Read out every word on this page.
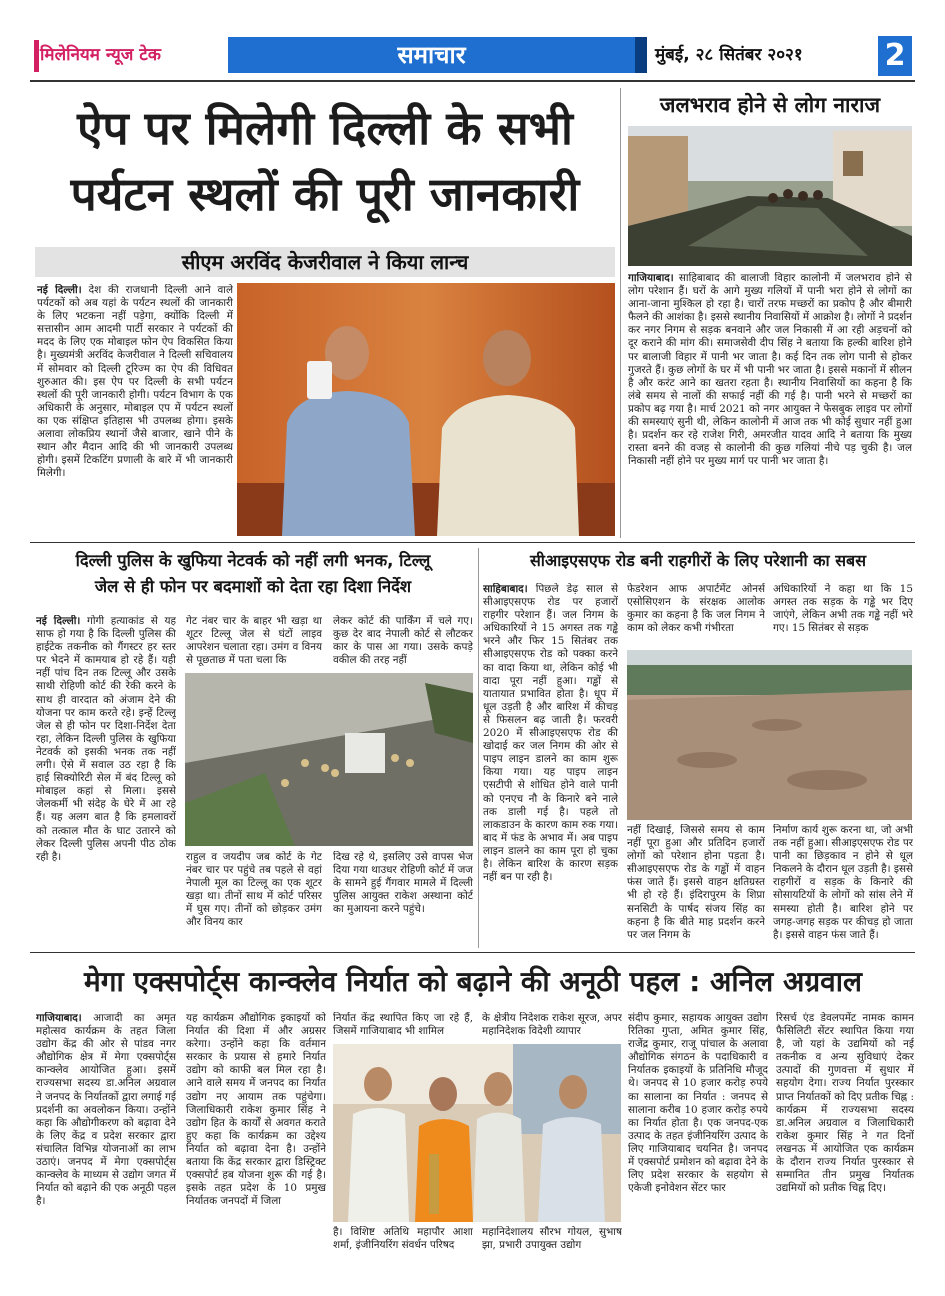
मिलेनियम न्यूज टेक	समाचार	मुंबई, २८ सितंबर २०२१	2
ऐप पर मिलेगी दिल्ली के सभी
पर्यटन स्थलों की पूरी जानकारी
सीएम अरविंद केजरीवाल ने किया लान्च
नई दिल्ली। देश की राजधानी दिल्ली आने वाले पर्यटकों को अब यहां के पर्यटन स्थलों की जानकारी के लिए भटकना नहीं पड़ेगा, क्योंकि दिल्ली में सत्तासीन आम आदमी पार्टी सरकार ने पर्यटकों की मदद के लिए एक मोबाइल फोन ऐप विकसित किया है। मुख्यमंत्री अरविंद केजरीवाल ने दिल्ली सचिवालय में सोमवार को दिल्ली टूरिज्म का ऐप की विधिवत शुरुआत की। इस ऐप पर दिल्ली के सभी पर्यटन स्थलों की पूरी जानकारी होगी। पर्यटन विभाग के एक अधिकारी के अनुसार, मोबाइल एप में पर्यटन स्थलों का एक संक्षिप्त इतिहास भी उपलब्ध होगा। इसके अलावा लोकप्रिय स्थानों जैसे बाजार, खाने पीने के स्थान और मैदान आदि की भी जानकारी उपलब्ध होगी। इसमें टिकटिंग प्रणाली के बारे में भी जानकारी मिलेगी।
जलभराव होने से लोग नाराज
गाजियाबाद। साहिबाबाद की बालाजी विहार कालोनी में जलभराव होने से लोग परेशान हैं। घरों के आगे मुख्य गलियों में पानी भरा होने से लोगों का आना-जाना मुश्किल हो रहा है। चारों तरफ मच्छरों का प्रकोप है और बीमारी फैलने की आशंका है। इससे स्थानीय निवासियों में आक्रोश है। लोगों ने प्रदर्शन कर नगर निगम से सड़क बनवाने और जल निकासी में आ रही अड़चनों को दूर कराने की मांग की। समाजसेवी दीप सिंह ने बताया कि हल्की बारिश होने पर बालाजी विहार में पानी भर जाता है। कई दिन तक लोग पानी से होकर गुजरते हैं। कुछ लोगों के घर में भी पानी भर जाता है। इससे मकानों में सीलन है और करंट आने का खतरा रहता है। स्थानीय निवासियों का कहना है कि लंबे समय से नालों की सफाई नहीं की गई है। पानी भरने से मच्छरों का प्रकोप बढ़ गया है। मार्च 2021 को नगर आयुक्त ने फेसबुक लाइव पर लोगों की समस्याएं सुनी थी, लेकिन कालोनी में आज तक भी कोई सुधार नहीं हुआ है। प्रदर्शन कर रहे राजेश गिरी, अमरजीत यादव आदि ने बताया कि मुख्य रास्ता बनने की वजह से कालोनी की कुछ गलियां नीचे पड़ चुकी है। जल निकासी नहीं होने पर मुख्य मार्ग पर पानी भर जाता है।
दिल्ली पुलिस के खुफिया नेटवर्क को नहीं लगी भनक, टिल्लू
जेल से ही फोन पर बदमाशों को देता रहा दिशा निर्देश
नई दिल्ली। गोगी हत्याकांड से यह साफ हो गया है कि दिल्ली पुलिस की हाईटेक तकनीक को गैंगस्टर हर स्तर पर भेदने में कामयाब हो रहे हैं। यही नहीं पांच दिन तक टिल्लू और उसके साथी रोहिणी कोर्ट की रेकी करने के साथ ही वारदात को अंजाम देने की योजना पर काम करते रहे। इन्हें टिल्लू जेल से ही फोन पर दिशा-निर्देश देता रहा, लेकिन दिल्ली पुलिस के खुफिया नेटवर्क को इसकी भनक तक नहीं लगी। ऐसे में सवाल उठ रहा है कि हाई सिक्योरिटी सेल में बंद टिल्लू को मोबाइल कहां से मिला। इससे जेलकर्मी भी संदेह के घेरे में आ रहे हैं। यह अलग बात है कि हमलावरों को तत्काल मौत के घाट उतारने को लेकर दिल्ली पुलिस अपनी पीठ ठोक रही है।
गेट नंबर चार के बाहर भी खड़ा था शूटर टिल्लू जेल से घंटों लाइव आपरेशन चलाता रहा। उमंग व विनय से पूछताछ में पता चला कि
लेकर कोर्ट की पार्किंग में चले गए। कुछ देर बाद नेपाली कोर्ट से लौटकर कार के पास आ गया। उसके कपड़े वकील की तरह नहीं
राहुल व जयदीप जब कोर्ट के गेट नंबर चार पर पहुंचे तब पहले से वहां नेपाली मूल का टिल्लू का एक शूटर खड़ा था। तीनों साथ में कोर्ट परिसर में घुस गए। तीनों को छोड़कर उमंग और विनय कार
दिख रहे थे, इसलिए उसे वापस भेज दिया गया थाउधर रोहिणी कोर्ट में जज के सामने हुई गैंगवार मामले में दिल्ली पुलिस आयुक्त राकेश अस्थाना कोर्ट का मुआयना करने पहुंचे।
सीआइएसएफ रोड बनी राहगीरों के लिए परेशानी का सबस
साहिबाबाद। पिछले डेढ़ साल से सीआइएसएफ रोड पर हजारों राहगीर परेशान हैं। जल निगम के अधिकारियों ने 15 अगस्त तक गड्ढे भरने और फिर 15 सितंबर तक सीआइएसएफ रोड को पक्का करने का वादा किया था, लेकिन कोई भी वादा पूरा नहीं हुआ। गड्ढों से यातायात प्रभावित होता है। धूप में धूल उड़ती है और बारिश में कीचड़ से फिसलन बढ़ जाती है। फरवरी 2020 में सीआइएसएफ रोड की खोदाई कर जल निगम की ओर से पाइप लाइन डालने का काम शुरू किया गया। यह पाइप लाइन एसटीपी से शोधित होने वाले पानी को एनएच नौ के किनारे बने नाले तक डाली गई है। पहले तो लाकडाउन के कारण काम रुक गया। बाद में फंड के अभाव में। अब पाइप लाइन डालने का काम पूरा हो चुका है। लेकिन बारिश के कारण सड़क नहीं बन पा रही है।
फेडरेशन आफ अपार्टमेंट ओनर्स एसोसिएशन के संरक्षक आलोक कुमार का कहना है कि जल निगम ने काम को लेकर कभी गंभीरता
अधिकारियों ने कहा था कि 15 अगस्त तक सड़क के गड्ढे भर दिए जाएंगे, लेकिन अभी तक गड्ढे नहीं भरे गए। 15 सितंबर से सड़क
नहीं दिखाई, जिससे समय से काम नहीं पूरा हुआ और प्रतिदिन हजारों लोगों को परेशान होना पड़ता है। सीआइएसएफ रोड के गड्ढों में वाहन फंस जाते हैं। इससे वाहन क्षतिग्रस्त भी हो रहे हैं। इंदिरापुरम के शिप्रा सनसिटी के पार्षद संजय सिंह का कहना है कि बीते माह प्रदर्शन करने पर जल निगम के
निर्माण कार्य शुरू करना था, जो अभी तक नहीं हुआ। सीआइएसएफ रोड पर पानी का छिड़काव न होने से धूल निकलने के दौरान धूल उड़ती है। इससे राहगीरों व सड़क के किनारे की सोसायटियों के लोगों को सांस लेने में समस्या होती है। बारिश होने पर जगह-जगह सड़क पर कीचड़ हो जाता है। इससे वाहन फंस जाते हैं।
मेगा एक्सपोर्ट्स कान्क्लेव निर्यात को बढ़ाने की अनूठी पहल : अनिल अग्रवाल
गाजियाबाद। आजादी का अमृत महोत्सव कार्यक्रम के तहत जिला उद्योग केंद्र की ओर से पांडव नगर औद्योगिक क्षेत्र में मेगा एक्सपोर्ट्स कान्क्लेव आयोजित हुआ। इसमें राज्यसभा सदस्य डा.अनिल अग्रवाल ने जनपद के निर्यातकों द्वारा लगाई गई प्रदर्शनी का अवलोकन किया। उन्होंने कहा कि औद्योगीकरण को बढ़ावा देने के लिए केंद्र व प्रदेश सरकार द्वारा संचालित विभिन्न योजनाओं का लाभ उठाएं। जनपद में मेगा एक्सपोर्ट्स कान्क्लेव के माध्यम से उद्योग जगत में निर्यात को बढ़ाने की एक अनूठी पहल है।
यह कार्यक्रम औद्योगिक इकाइयों को निर्यात की दिशा में और अग्रसर करेगा। उन्होंने कहा कि वर्तमान सरकार के प्रयास से हमारे निर्यात उद्योग को काफी बल मिल रहा है। आने वाले समय में जनपद का निर्यात उद्योग नए आयाम तक पहुंचेगा। जिलाधिकारी राकेश कुमार सिंह ने उद्योग हित के कार्यों से अवगत कराते हुए कहा कि कार्यक्रम का उद्देश्य निर्यात को बढ़ावा देना है। उन्होंने बताया कि केंद्र सरकार द्वारा डिस्ट्रिक्ट एक्सपोर्ट हब योजना शुरू की गई है। इसके तहत प्रदेश के 10 प्रमुख निर्यातक जनपदों में जिला
निर्यात केंद्र स्थापित किए जा रहे हैं, जिसमें गाजियाबाद भी शामिल
के क्षेत्रीय निदेशक राकेश सूरज, अपर महानिदेशक विदेशी व्यापार
है। विशिष्ट अतिथि महापौर आशा शर्मा, इंजीनियरिंग संवर्धन परिषद
महानिदेशालय सौरभ गोयल, सुभाष झा, प्रभारी उपायुक्त उद्योग
संदीप कुमार, सहायक आयुक्त उद्योग रितिका गुप्ता, अमित कुमार सिंह, राजेंद्र कुमार, राजू पांचाल के अलावा औद्योगिक संगठन के पदाधिकारी व निर्यातक इकाइयों के प्रतिनिधि मौजूद थे। जनपद से 10 हजार करोड़ रुपये का सालाना का निर्यात : जनपद से सालाना करीब 10 हजार करोड़ रुपये का निर्यात होता है। एक जनपद-एक उत्पाद के तहत इंजीनियरिंग उत्पाद के लिए गाजियाबाद चयनित है। जनपद में एक्सपोर्ट प्रमोशन को बढ़ावा देने के लिए प्रदेश सरकार के सहयोग से एकेजी इनोवेशन सेंटर फार
रिसर्च एंड डेवलपमेंट नामक कामन फैसिलिटी सेंटर स्थापित किया गया है, जो यहां के उद्यमियों को नई तकनीक व अन्य सुविधाएं देकर उत्पादों की गुणवत्ता में सुधार में सहयोग देगा। राज्य निर्यात पुरस्कार प्राप्त निर्यातकों को दिए प्रतीक चिह्न : कार्यक्रम में राज्यसभा सदस्य डा.अनिल अग्रवाल व जिलाधिकारी राकेश कुमार सिंह ने गत दिनों लखनऊ में आयोजित एक कार्यक्रम के दौरान राज्य निर्यात पुरस्कार से सम्मानित तीन प्रमुख निर्यातक उद्यमियों को प्रतीक चिह्न दिए।
